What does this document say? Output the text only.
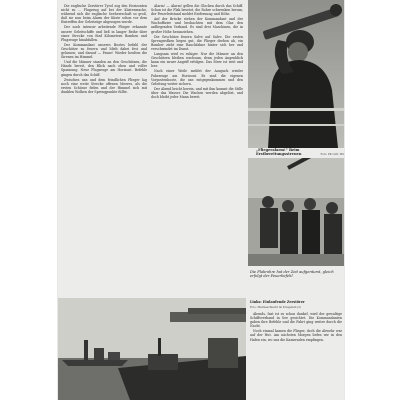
Die englische Zerstörer Tyrol zog den Horizonten nicht zu ... Flugzeug auf bei der Küstenwache, während sich die englische Seeherrschaft so groß, daß sie nun beim Alarm der Küste schon vor dem Eintreffen der Geleitzüge abgezogen wurde.

Der noch intensiv arbeitende Flieger erkannte unsere Geleitschiffe und ließ in langer Reihe über einer Strecke von fünf Kilometern Bomben und Flugzeuge hinabfallen.

Der Kommandant unseres Bootes befahl der Geschütze zu feuern und blieb dabei fest und gelassen; und darauf — Pause! Wieder heulten die Sirenen im Himmel.

Und die Männer standen an den Geschützen, die Hände bereit, den Blick nach oben und voller Spannung. Neue Flugzeuge am Horizont. Befehle gingen durch das Schiff.

Zwischen uns und dem feindlichen Flieger lag noch eine weite Strecke offenen Meeres, als die ersten Schüsse fielen und der Himmel sich mit dunklen Wolken der Sprengpunkte füllte.

Alarm! — Alarm! gellen die Glocken durch das Schiff. Schon ist die Flak besetzt, die Rohre schwenken herum, der Feuerleitstand meldet Entfernung und Höhe.

Auf der Brücke stehen der Kommandant und der Wachoffizier und beobachten mit dem Glas den anfliegenden Verband. Es sind drei Maschinen, die in großer Höhe heranziehen.

Die Geschütze feuern Salve auf Salve. Die ersten Sprengwolken liegen gut, die Flieger drehen ab, ein Bomber zieht eine Rauchfahne hinter sich her und verschwindet im Dunst.

Langsam wird es ruhiger. Nur die Männer an den Geschützen bleiben wachsam, denn jeden Augenblick kann ein neuer Angriff erfolgen. Das Meer ist weit und leer.

Nach einer Weile meldet der Ausguck wieder Fahrzeuge am Horizont. Es sind die eigenen Vorpostenboote, die uns entgegenkommen und den Geleitzug weiter sichern.

Der Abend bricht herein, und mit ihm kommt die Stille über das Wasser. Die Wachen werden abgelöst, und doch bleibt jeder Mann bereit.

„Fliegeralarm!“ Beim Erstbereitungsstreuen	Foto: PK Lütt, Wh
Die Flakrohre hat der Zeit aufgeräumt, gleich erfolgt der Feuerbefehl

Abends, fast ist es schon dunkel, wird der gewaltige Schiffsverband in See gesichtet. Die Kommandanten gaben ihre Befehle und die Fahrt ging weiter durch die Nacht.

Noch einmal kamen die Flieger, doch die Abwehr war auf der Hut. Am nächsten Morgen liefen wir in den Hafen ein, wo uns die Kameraden empfingen.

Links: Einlaufende Zerstörer
Foto: Marineschlacht im Kriegsfeld (2)
12
